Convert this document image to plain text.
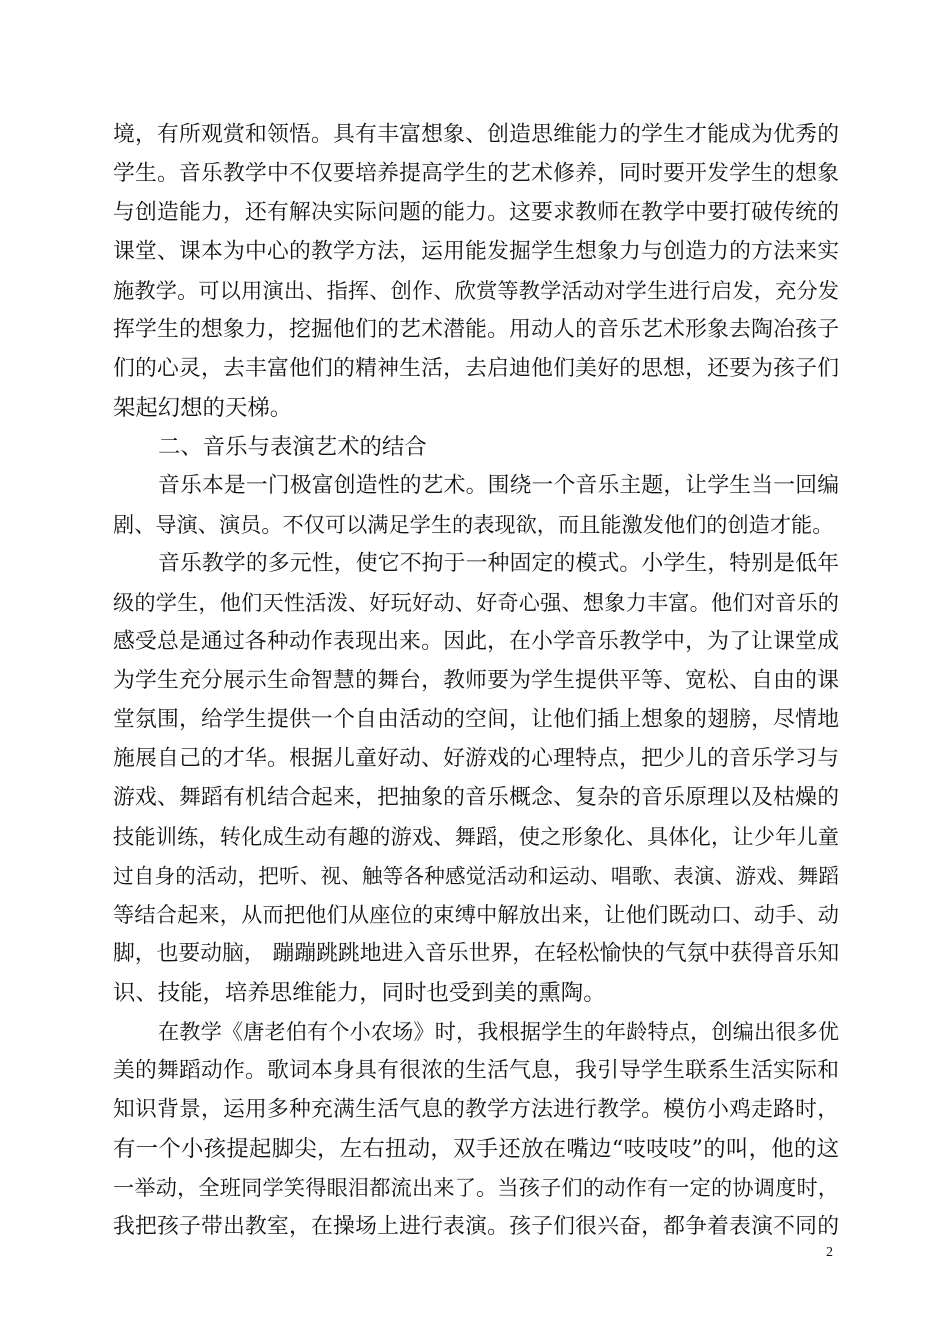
境，有所观赏和领悟。具有丰富想象、创造思维能力的学生才能成为优秀的
学生。音乐教学中不仅要培养提高学生的艺术修养，同时要开发学生的想象
与创造能力，还有解决实际问题的能力。这要求教师在教学中要打破传统的
课堂、课本为中心的教学方法，运用能发掘学生想象力与创造力的方法来实
施教学。可以用演出、指挥、创作、欣赏等教学活动对学生进行启发，充分发
挥学生的想象力，挖掘他们的艺术潜能。用动人的音乐艺术形象去陶冶孩子
们的心灵，去丰富他们的精神生活，去启迪他们美好的思想，还要为孩子们
架起幻想的天梯。
二、音乐与表演艺术的结合
音乐本是一门极富创造性的艺术。围绕一个音乐主题，让学生当一回编
剧、导演、演员。不仅可以满足学生的表现欲，而且能激发他们的创造才能。
音乐教学的多元性，使它不拘于一种固定的模式。小学生，特别是低年
级的学生，他们天性活泼、好玩好动、好奇心强、想象力丰富。他们对音乐的
感受总是通过各种动作表现出来。因此，在小学音乐教学中，为了让课堂成
为学生充分展示生命智慧的舞台，教师要为学生提供平等、宽松、自由的课
堂氛围，给学生提供一个自由活动的空间，让他们插上想象的翅膀，尽情地
施展自己的才华。根据儿童好动、好游戏的心理特点，把少儿的音乐学习与
游戏、舞蹈有机结合起来，把抽象的音乐概念、复杂的音乐原理以及枯燥的
技能训练，转化成生动有趣的游戏、舞蹈，使之形象化、具体化，让少年儿童
过自身的活动，把听、视、触等各种感觉活动和运动、唱歌、表演、游戏、舞蹈
等结合起来，从而把他们从座位的束缚中解放出来，让他们既动口、动手、动
脚，也要动脑， 蹦蹦跳跳地进入音乐世界，在轻松愉快的气氛中获得音乐知
识、技能，培养思维能力，同时也受到美的熏陶。
在教学《唐老伯有个小农场》时，我根据学生的年龄特点，创编出很多优
美的舞蹈动作。歌词本身具有很浓的生活气息，我引导学生联系生活实际和
知识背景，运用多种充满生活气息的教学方法进行教学。模仿小鸡走路时，
有一个小孩提起脚尖，左右扭动，双手还放在嘴边“吱吱吱”的叫，他的这
一举动，全班同学笑得眼泪都流出来了。当孩子们的动作有一定的协调度时，
我把孩子带出教室，在操场上进行表演。孩子们很兴奋，都争着表演不同的
2
